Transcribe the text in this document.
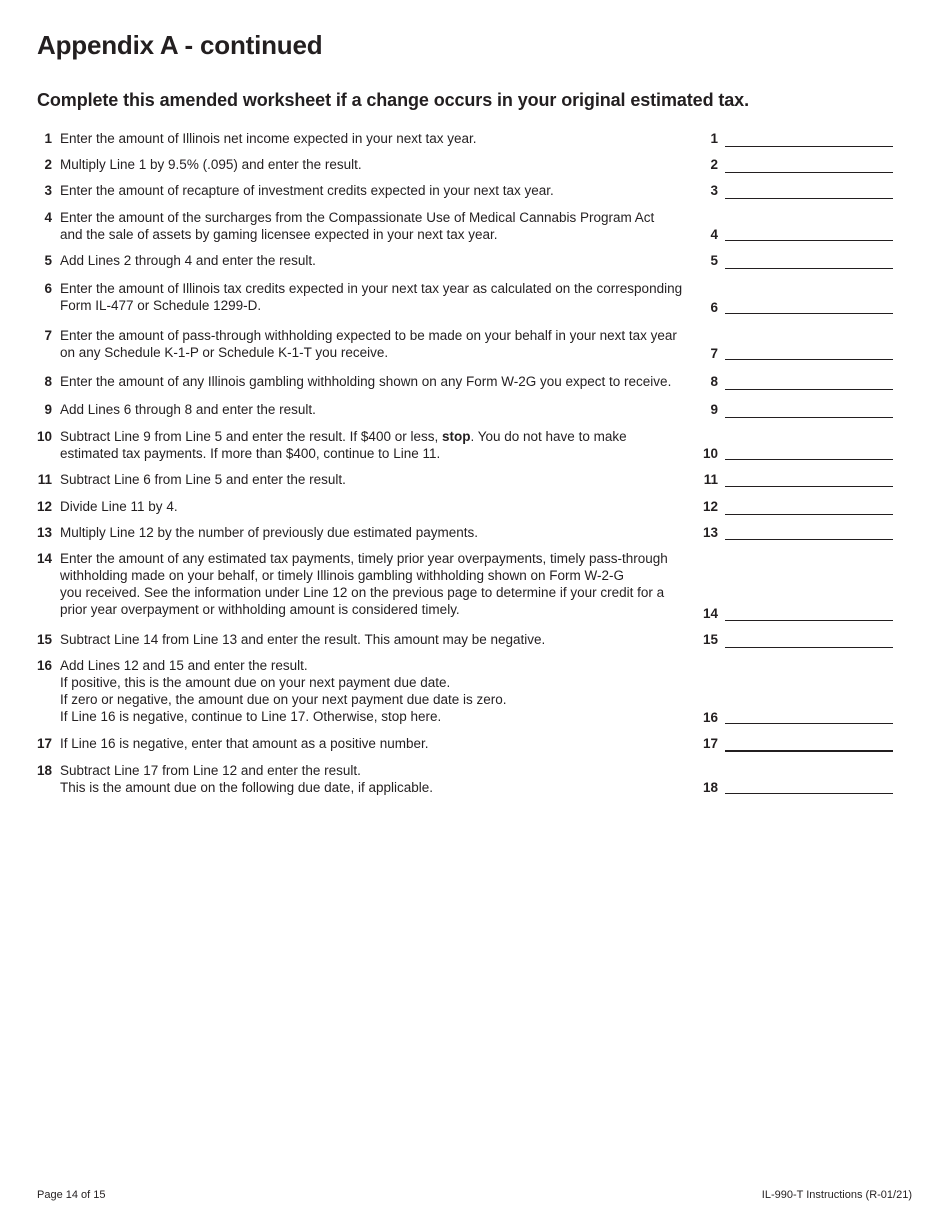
Appendix A - continued
Complete this amended worksheet if a change occurs in your original estimated tax.
1 Enter the amount of Illinois net income expected in your next tax year.	1
2 Multiply Line 1 by 9.5% (.095) and enter the result.	2
3 Enter the amount of recapture of investment credits expected in your next tax year.	3
4 Enter the amount of the surcharges from the Compassionate Use of Medical Cannabis Program Act
and the sale of assets by gaming licensee expected in your next tax year.	4
5 Add Lines 2 through 4 and enter the result.	5
6 Enter the amount of Illinois tax credits expected in your next tax year as calculated on the corresponding
Form IL-477 or Schedule 1299-D.	6
7 Enter the amount of pass-through withholding expected to be made on your behalf in your next tax year
on any Schedule K-1-P or Schedule K-1-T you receive.	7
8 Enter the amount of any Illinois gambling withholding shown on any Form W-2G you expect to receive.	8
9 Add Lines 6 through 8 and enter the result.	9
10 Subtract Line 9 from Line 5 and enter the result. If $400 or less, stop. You do not have to make
estimated tax payments. If more than $400, continue to Line 11.	10
11 Subtract Line 6 from Line 5 and enter the result.	11
12 Divide Line 11 by 4.	12
13 Multiply Line 12 by the number of previously due estimated payments.	13
14 Enter the amount of any estimated tax payments, timely prior year overpayments, timely pass-through
withholding made on your behalf, or timely Illinois gambling withholding shown on Form W-2-G
you received. See the information under Line 12 on the previous page to determine if your credit for a
prior year overpayment or withholding amount is considered timely.	14
15 Subtract Line 14 from Line 13 and enter the result. This amount may be negative.	15
16 Add Lines 12 and 15 and enter the result.
If positive, this is the amount due on your next payment due date.
If zero or negative, the amount due on your next payment due date is zero.
If Line 16 is negative, continue to Line 17. Otherwise, stop here.	16
17 If Line 16 is negative, enter that amount as a positive number.	17
18 Subtract Line 17 from Line 12 and enter the result.
This is the amount due on the following due date, if applicable.	18
Page 14 of 15	IL-990-T Instructions (R-01/21)
